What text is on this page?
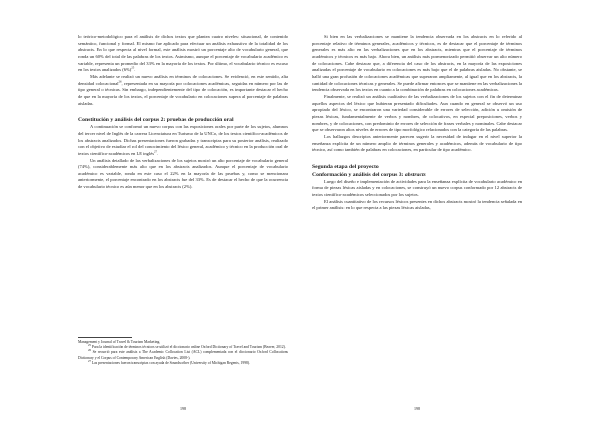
lo teórico-metodológico para el análisis de dichos textos que plantea cuatro niveles: situacional, de contenido semántico, funcional y formal. El mismo fue aplicado para efectuar un análisis exhaustivo de la totalidad de los abstracts. En lo que respecta al nivel formal, este análisis mostró un porcentaje alto de vocabulario general, que ronda un 60% del total de las palabras de los textos. Asimismo, aunque el porcentaje de vocabulario académico es variable, representa un promedio del 33% en la mayoría de los textos. Por último, el vocabulario técnico es escaso en los textos analizados $(6\%)^{25}$.

Más adelante se realizó un nuevo análisis en términos de colocaciones. Se evidenció, en este sentido, alta densidad colocacional$^{26}$, representada en su mayoría por colocaciones académicas, seguidas en número por las de tipo general o técnicas. Sin embargo, independientemente del tipo de colocación, es importante destacar el hecho de que en la mayoría de los textos, el porcentaje de vocabulario en colocaciones supera al porcentaje de palabras aisladas.

Constitución y análisis del corpus 2: pruebas de producción oral

A continuación se conformó un nuevo corpus con las exposiciones orales por parte de los sujetos, alumnos del tercer nivel de Inglés de la carrera Licenciatura en Turismo de la UNCo, de los textos científico-académicos de los abstracts analizados. Dichas presentaciones fueron grabadas y transcriptas para su posterior análisis, realizado con el objetivo de estudiar el rol del conocimiento del léxico general, académico y técnico en la producción oral de textos científico-académicos en LE inglés$^{27}$.

Un análisis detallado de las verbalizaciones de los sujetos mostró un alto porcentaje de vocabulario general (74%), considerablemente más alto que en los abstracts analizados. Aunque el porcentaje de vocabulario académico es variable, ronda en este caso el 22% en la mayoría de las pruebas y, como se mencionara anteriormente, el porcentaje encontrado en los abstracts fue del 33%. Es de destacar el hecho de que la ocurrencia de vocabulario técnico es aún menor que en los abstracts (2%).

Management y Journal of Travel & Tourism Marketing.

$^{25}$ Para la identificación de términos técnicos se utilizó el diccionario online Oxford Dictionary of Travel and Tourism (Beaver, 2012).

$^{26}$ Se recurrió para este análisis a The Academic Collocation List (ACL) complementada con el diccionario Oxford Collocations Dictionary y el Corpus of Contemporary American English (Davies, 2008-).

$^{27}$ Las presentaciones fueron transcriptas con ayuda de Soundscriber (University of Michigan Regents, 1998).

198

Si bien en las verbalizaciones se mantiene la tendencia observada en los abstracts en lo referido al porcentaje relativo de términos generales, académicos y técnicos, es de destacar que el porcentaje de términos generales es más alto en las verbalizaciones que en los abstracts, mientras que el porcentaje de términos académicos y técnicos es más bajo. Ahora bien, un análisis más pormenorizado permitió observar un alto número de colocaciones. Cabe destacar que, a diferencia del caso de los abstracts, en la mayoría de las exposiciones analizadas el porcentaje de vocabulario en colocaciones es más bajo que el de palabras aisladas. No obstante, se halló una gran profusión de colocaciones académicas que superaron ampliamente, al igual que en los abstracts, la cantidad de colocaciones técnicas y generales. Se puede afirmar entonces que se mantiene en las verbalizaciones la tendencia observada en los textos en cuanto a la combinación de palabras en colocaciones académicas.

Finalmente, se realizó un análisis cualitativo de las verbalizaciones de los sujetos con el fin de determinar aquellos aspectos del léxico que hubieran presentado dificultades. Aun cuando en general se observó un uso apropiado del léxico, se encontraron una variedad considerable de errores de selección, adición u omisión de piezas léxicas, fundamentalmente de verbos y nombres, de colocativos, en especial preposiciones, verbos y nombres, y de colocaciones, con predominio de errores de selección de frases verbales y nominales. Cabe destacar que se observaron altos niveles de errores de tipo morfológico relacionados con la categoría de las palabras.

Los hallazgos descriptos anteriormente parecen sugerir la necesidad de indagar en el nivel superior la enseñanza explícita de un número amplio de términos generales y académicos, además de vocabulario de tipo técnico, así como también de palabras en colocaciones, en particular de tipo académico.

Segunda etapa del proyecto

Conformación y análisis del corpus 3: abstracts

Luego del diseño e implementación de actividades para la enseñanza explícita de vocabulario académico en forma de piezas léxicas aisladas y en colocaciones, se construyó un nuevo corpus conformado por 12 abstracts de textos científico-académicos seleccionados por los sujetos.

El análisis cuantitativo de los recursos léxicos presentes en dichos abstracts mostró la tendencia señalada en el primer análisis: en lo que respecta a las piezas léxicas aisladas,

198
